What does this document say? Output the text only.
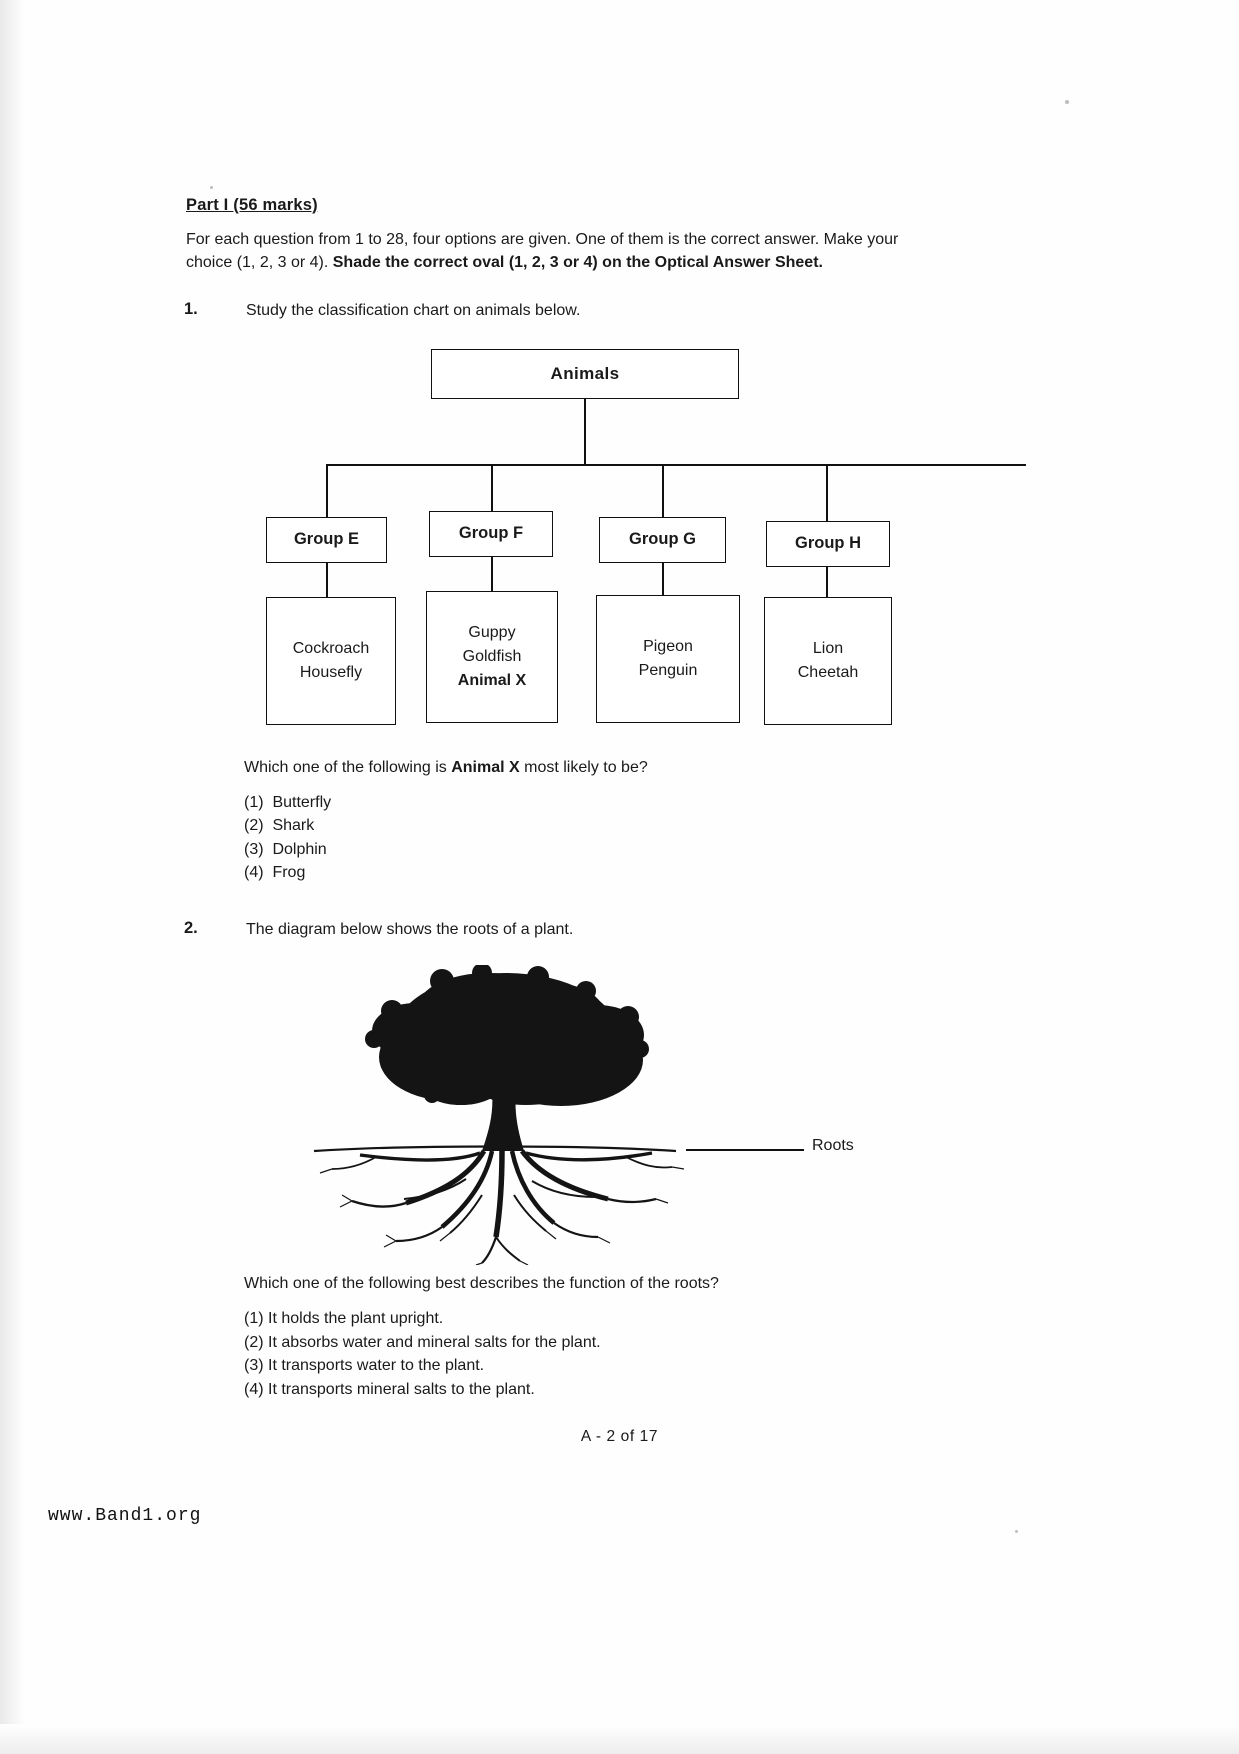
Part I (56 marks)
For each question from 1 to 28, four options are given. One of them is the correct answer. Make your choice (1, 2, 3 or 4). Shade the correct oval (1, 2, 3 or 4) on the Optical Answer Sheet.
1.	Study the classification chart on animals below.
Animals
Group E	Group F	Group G	Group H
Cockroach
Housefly
Guppy
Goldfish
Animal X
Pigeon
Penguin
Lion
Cheetah
Which one of the following is Animal X most likely to be?
(1)  Butterfly
(2)  Shark
(3)  Dolphin
(4)  Frog
2.	The diagram below shows the roots of a plant.
Roots
Which one of the following best describes the function of the roots?
(1) It holds the plant upright.
(2) It absorbs water and mineral salts for the plant.
(3) It transports water to the plant.
(4) It transports mineral salts to the plant.
A - 2 of 17
www.Band1.org
